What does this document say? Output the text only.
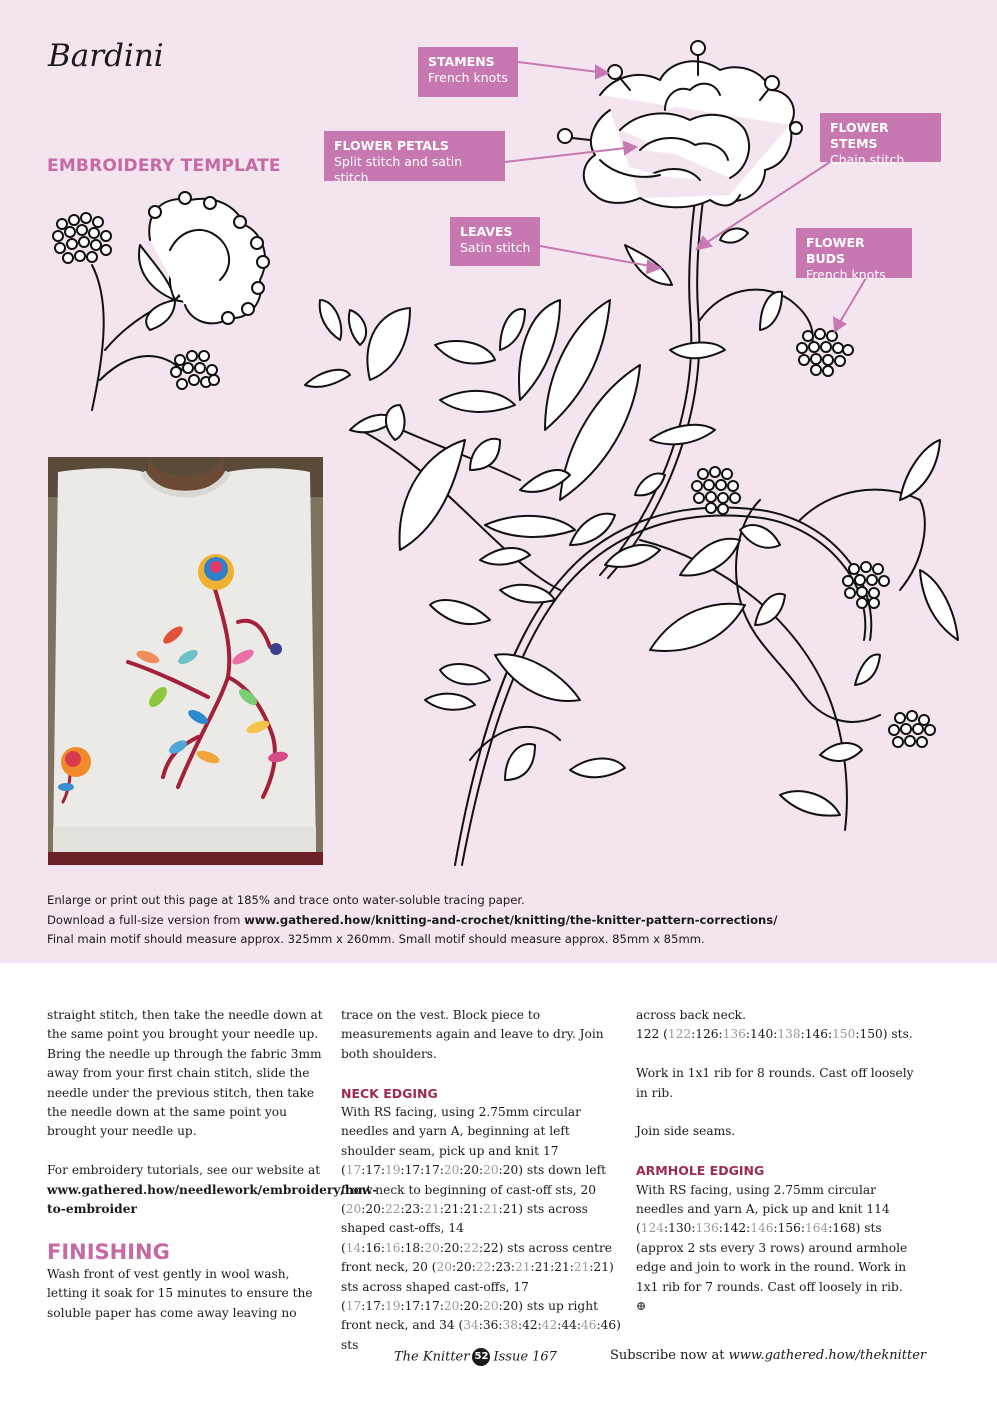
Bardini
EMBROIDERY TEMPLATE
STAMENS
French knots
FLOWER PETALS
Split stitch and satin stitch
FLOWER STEMS
Chain stitch
LEAVES
Satin stitch	FLOWER BUDS
French knots
Enlarge or print out this page at 185% and trace onto water-soluble tracing paper.
Download a full-size version from www.gathered.how/knitting-and-crochet/knitting/the-knitter-pattern-corrections/
Final main motif should measure approx. 325mm x 260mm. Small motif should measure approx. 85mm x 85mm.

straight stitch, then take the needle down at the same point you brought your needle up. Bring the needle up through the fabric 3mm away from your first chain stitch, slide the needle under the previous stitch, then take the needle down at the same point you brought your needle up.

For embroidery tutorials, see our website at www.gathered.how/needlework/embroidery/how-to-embroider

FINISHING

Wash front of vest gently in wool wash, letting it soak for 15 minutes to ensure the soluble paper has come away leaving no

trace on the vest. Block piece to measurements again and leave to dry. Join both shoulders.

NECK EDGING

With RS facing, using 2.75mm circular needles and yarn A, beginning at left shoulder seam, pick up and knit 17 (17:17:19:17:17:20:20:20:20) sts down left front neck to beginning of cast-off sts, 20 (20:20:22:23:21:21:21:21:21) sts across shaped cast-offs, 14 (14:16:16:18:20:20:22:22) sts across centre front neck, 20 (20:20:22:23:21:21:21:21:21) sts across shaped cast-offs, 17 (17:17:19:17:17:20:20:20:20) sts up right front neck, and 34 (34:36:38:42:42:44:46:46) sts

across back neck.
122 (122:126:136:140:138:146:150:150) sts.

Work in 1x1 rib for 8 rounds. Cast off loosely in rib.

Join side seams.

ARMHOLE EDGING

With RS facing, using 2.75mm circular needles and yarn A, pick up and knit 114 (124:130:136:142:146:156:164:168) sts (approx 2 sts every 3 rows) around armhole edge and join to work in the round. Work in 1x1 rib for 7 rounds. Cast off loosely in rib. ⊕

The Knitter 52 Issue 167	Subscribe now at www.gathered.how/theknitter
